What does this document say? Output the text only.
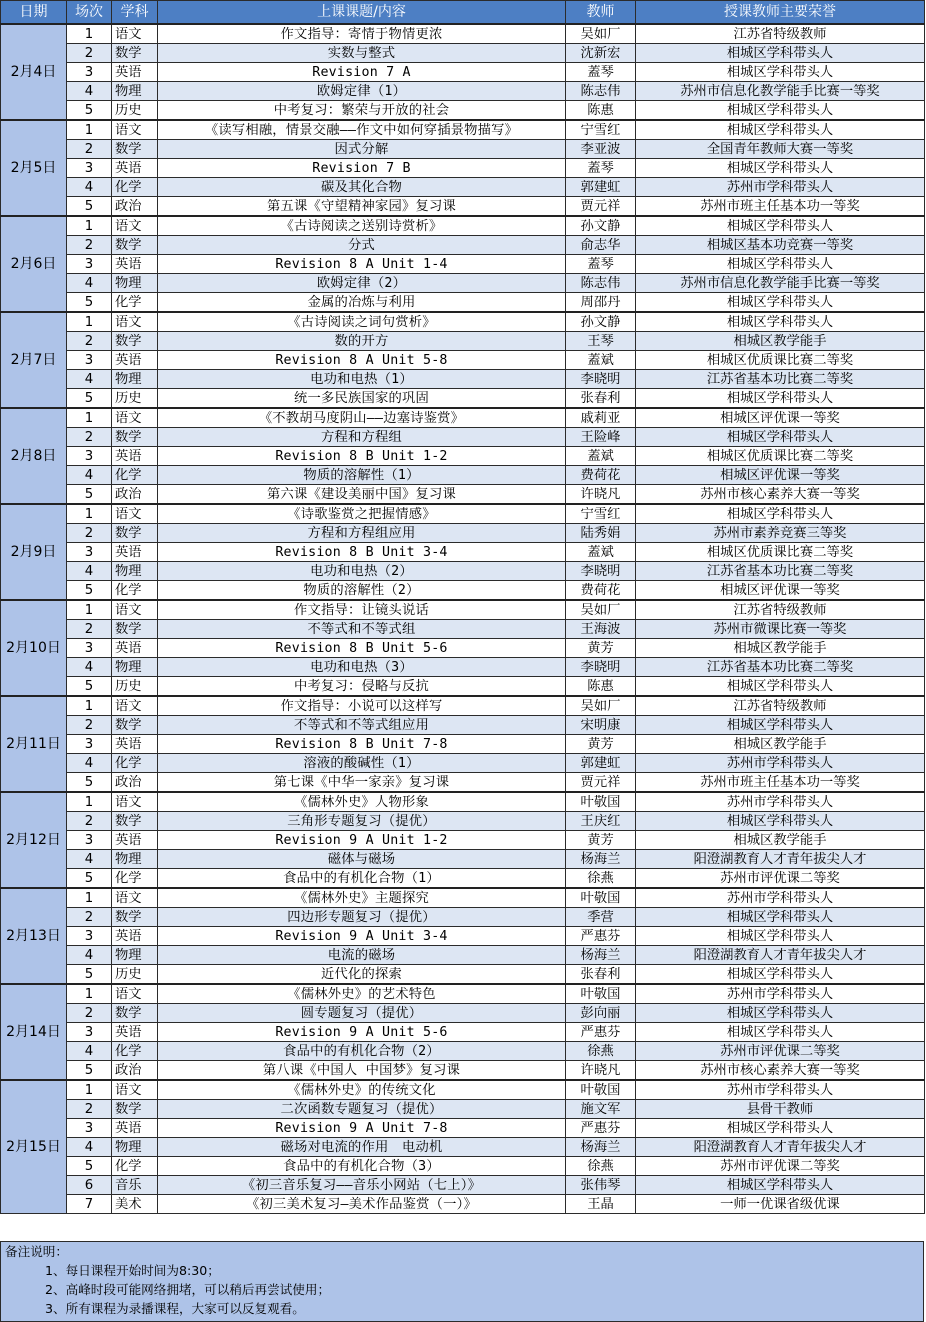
日期	场次	学科	上课课题/内容	教师	授课教师主要荣誉
2月4日	1	语文	作文指导：寄情于物情更浓	吴如厂	江苏省特级教师
	2	数学	实数与整式	沈新宏	相城区学科带头人
	3	英语	Revision 7 A	蓋琴	相城区学科带头人
	4	物理	欧姆定律（1）	陈志伟	苏州市信息化教学能手比赛一等奖
	5	历史	中考复习：繁荣与开放的社会	陈惠	相城区学科带头人
2月5日	1	语文	《读写相融，情景交融——作文中如何穿插景物描写》	宁雪红	相城区学科带头人
	2	数学	因式分解	李亚波	全国青年教师大赛一等奖
	3	英语	Revision 7 B	蓋琴	相城区学科带头人
	4	化学	碳及其化合物	郭建虹	苏州市学科带头人
	5	政治	第五课《守望精神家园》复习课	贾元祥	苏州市班主任基本功一等奖
2月6日	1	语文	《古诗阅读之送别诗赏析》	孙文静	相城区学科带头人
	2	数学	分式	俞志华	相城区基本功竞赛一等奖
	3	英语	Revision 8 A Unit 1-4	蓋琴	相城区学科带头人
	4	物理	欧姆定律（2）	陈志伟	苏州市信息化教学能手比赛一等奖
	5	化学	金属的冶炼与利用	周邵丹	相城区学科带头人
2月7日	1	语文	《古诗阅读之词句赏析》	孙文静	相城区学科带头人
	2	数学	数的开方	王琴	相城区教学能手
	3	英语	Revision 8 A Unit 5-8	蓋斌	相城区优质课比赛二等奖
	4	物理	电功和电热（1）	李晓明	江苏省基本功比赛二等奖
	5	历史	统一多民族国家的巩固	张春利	相城区学科带头人
2月8日	1	语文	《不教胡马度阴山——边塞诗鉴赏》	戚莉亚	相城区评优课一等奖
	2	数学	方程和方程组	王险峰	相城区学科带头人
	3	英语	Revision 8 B Unit 1-2	蓋斌	相城区优质课比赛二等奖
	4	化学	物质的溶解性（1）	费荷花	相城区评优课一等奖
	5	政治	第六课《建设美丽中国》复习课	许晓凡	苏州市核心素养大赛一等奖
2月9日	1	语文	《诗歌鉴赏之把握情感》	宁雪红	相城区学科带头人
	2	数学	方程和方程组应用	陆秀娟	苏州市素养竞赛三等奖
	3	英语	Revision 8 B Unit 3-4	蓋斌	相城区优质课比赛二等奖
	4	物理	电功和电热（2）	李晓明	江苏省基本功比赛二等奖
	5	化学	物质的溶解性（2）	费荷花	相城区评优课一等奖
2月10日	1	语文	作文指导：让镜头说话	吴如厂	江苏省特级教师
	2	数学	不等式和不等式组	王海波	苏州市微课比赛一等奖
	3	英语	Revision 8 B Unit 5-6	黄芳	相城区教学能手
	4	物理	电功和电热（3）	李晓明	江苏省基本功比赛二等奖
	5	历史	中考复习：侵略与反抗	陈惠	相城区学科带头人
2月11日	1	语文	作文指导：小说可以这样写	吴如厂	江苏省特级教师
	2	数学	不等式和不等式组应用	宋明康	相城区学科带头人
	3	英语	Revision 8 B Unit 7-8	黄芳	相城区教学能手
	4	化学	溶液的酸碱性（1）	郭建虹	苏州市学科带头人
	5	政治	第七课《中华一家亲》复习课	贾元祥	苏州市班主任基本功一等奖
2月12日	1	语文	《儒林外史》人物形象	叶敬国	苏州市学科带头人
	2	数学	三角形专题复习（提优）	王庆红	相城区学科带头人
	3	英语	Revision 9 A Unit 1-2	黄芳	相城区教学能手
	4	物理	磁体与磁场	杨海兰	阳澄湖教育人才青年拔尖人才
	5	化学	食品中的有机化合物（1）	徐燕	苏州市评优课二等奖
2月13日	1	语文	《儒林外史》主题探究	叶敬国	苏州市学科带头人
	2	数学	四边形专题复习（提优）	季营	相城区学科带头人
	3	英语	Revision 9 A Unit 3-4	严惠芬	相城区学科带头人
	4	物理	电流的磁场	杨海兰	阳澄湖教育人才青年拔尖人才
	5	历史	近代化的探索	张春利	相城区学科带头人
2月14日	1	语文	《儒林外史》的艺术特色	叶敬国	苏州市学科带头人
	2	数学	圆专题复习（提优）	彭向丽	相城区学科带头人
	3	英语	Revision 9 A Unit 5-6	严惠芬	相城区学科带头人
	4	化学	食品中的有机化合物（2）	徐燕	苏州市评优课二等奖
	5	政治	第八课《中国人 中国梦》复习课	许晓凡	苏州市核心素养大赛一等奖
2月15日	1	语文	《儒林外史》的传统文化	叶敬国	苏州市学科带头人
	2	数学	二次函数专题复习（提优）	施文军	县骨干教师
	3	英语	Revision 9 A Unit 7-8	严惠芬	相城区学科带头人
	4	物理	磁场对电流的作用　电动机	杨海兰	阳澄湖教育人才青年拔尖人才
	5	化学	食品中的有机化合物（3）	徐燕	苏州市评优课二等奖
	6	音乐	《初三音乐复习——音乐小网站（七上）》	张伟琴	相城区学科带头人
	7	美术	《初三美术复习—美术作品鉴赏（一）》	王晶	一师一优课省级优课
备注说明：
1、每日课程开始时间为8:30；
2、高峰时段可能网络拥堵，可以稍后再尝试使用；
3、所有课程为录播课程，大家可以反复观看。
